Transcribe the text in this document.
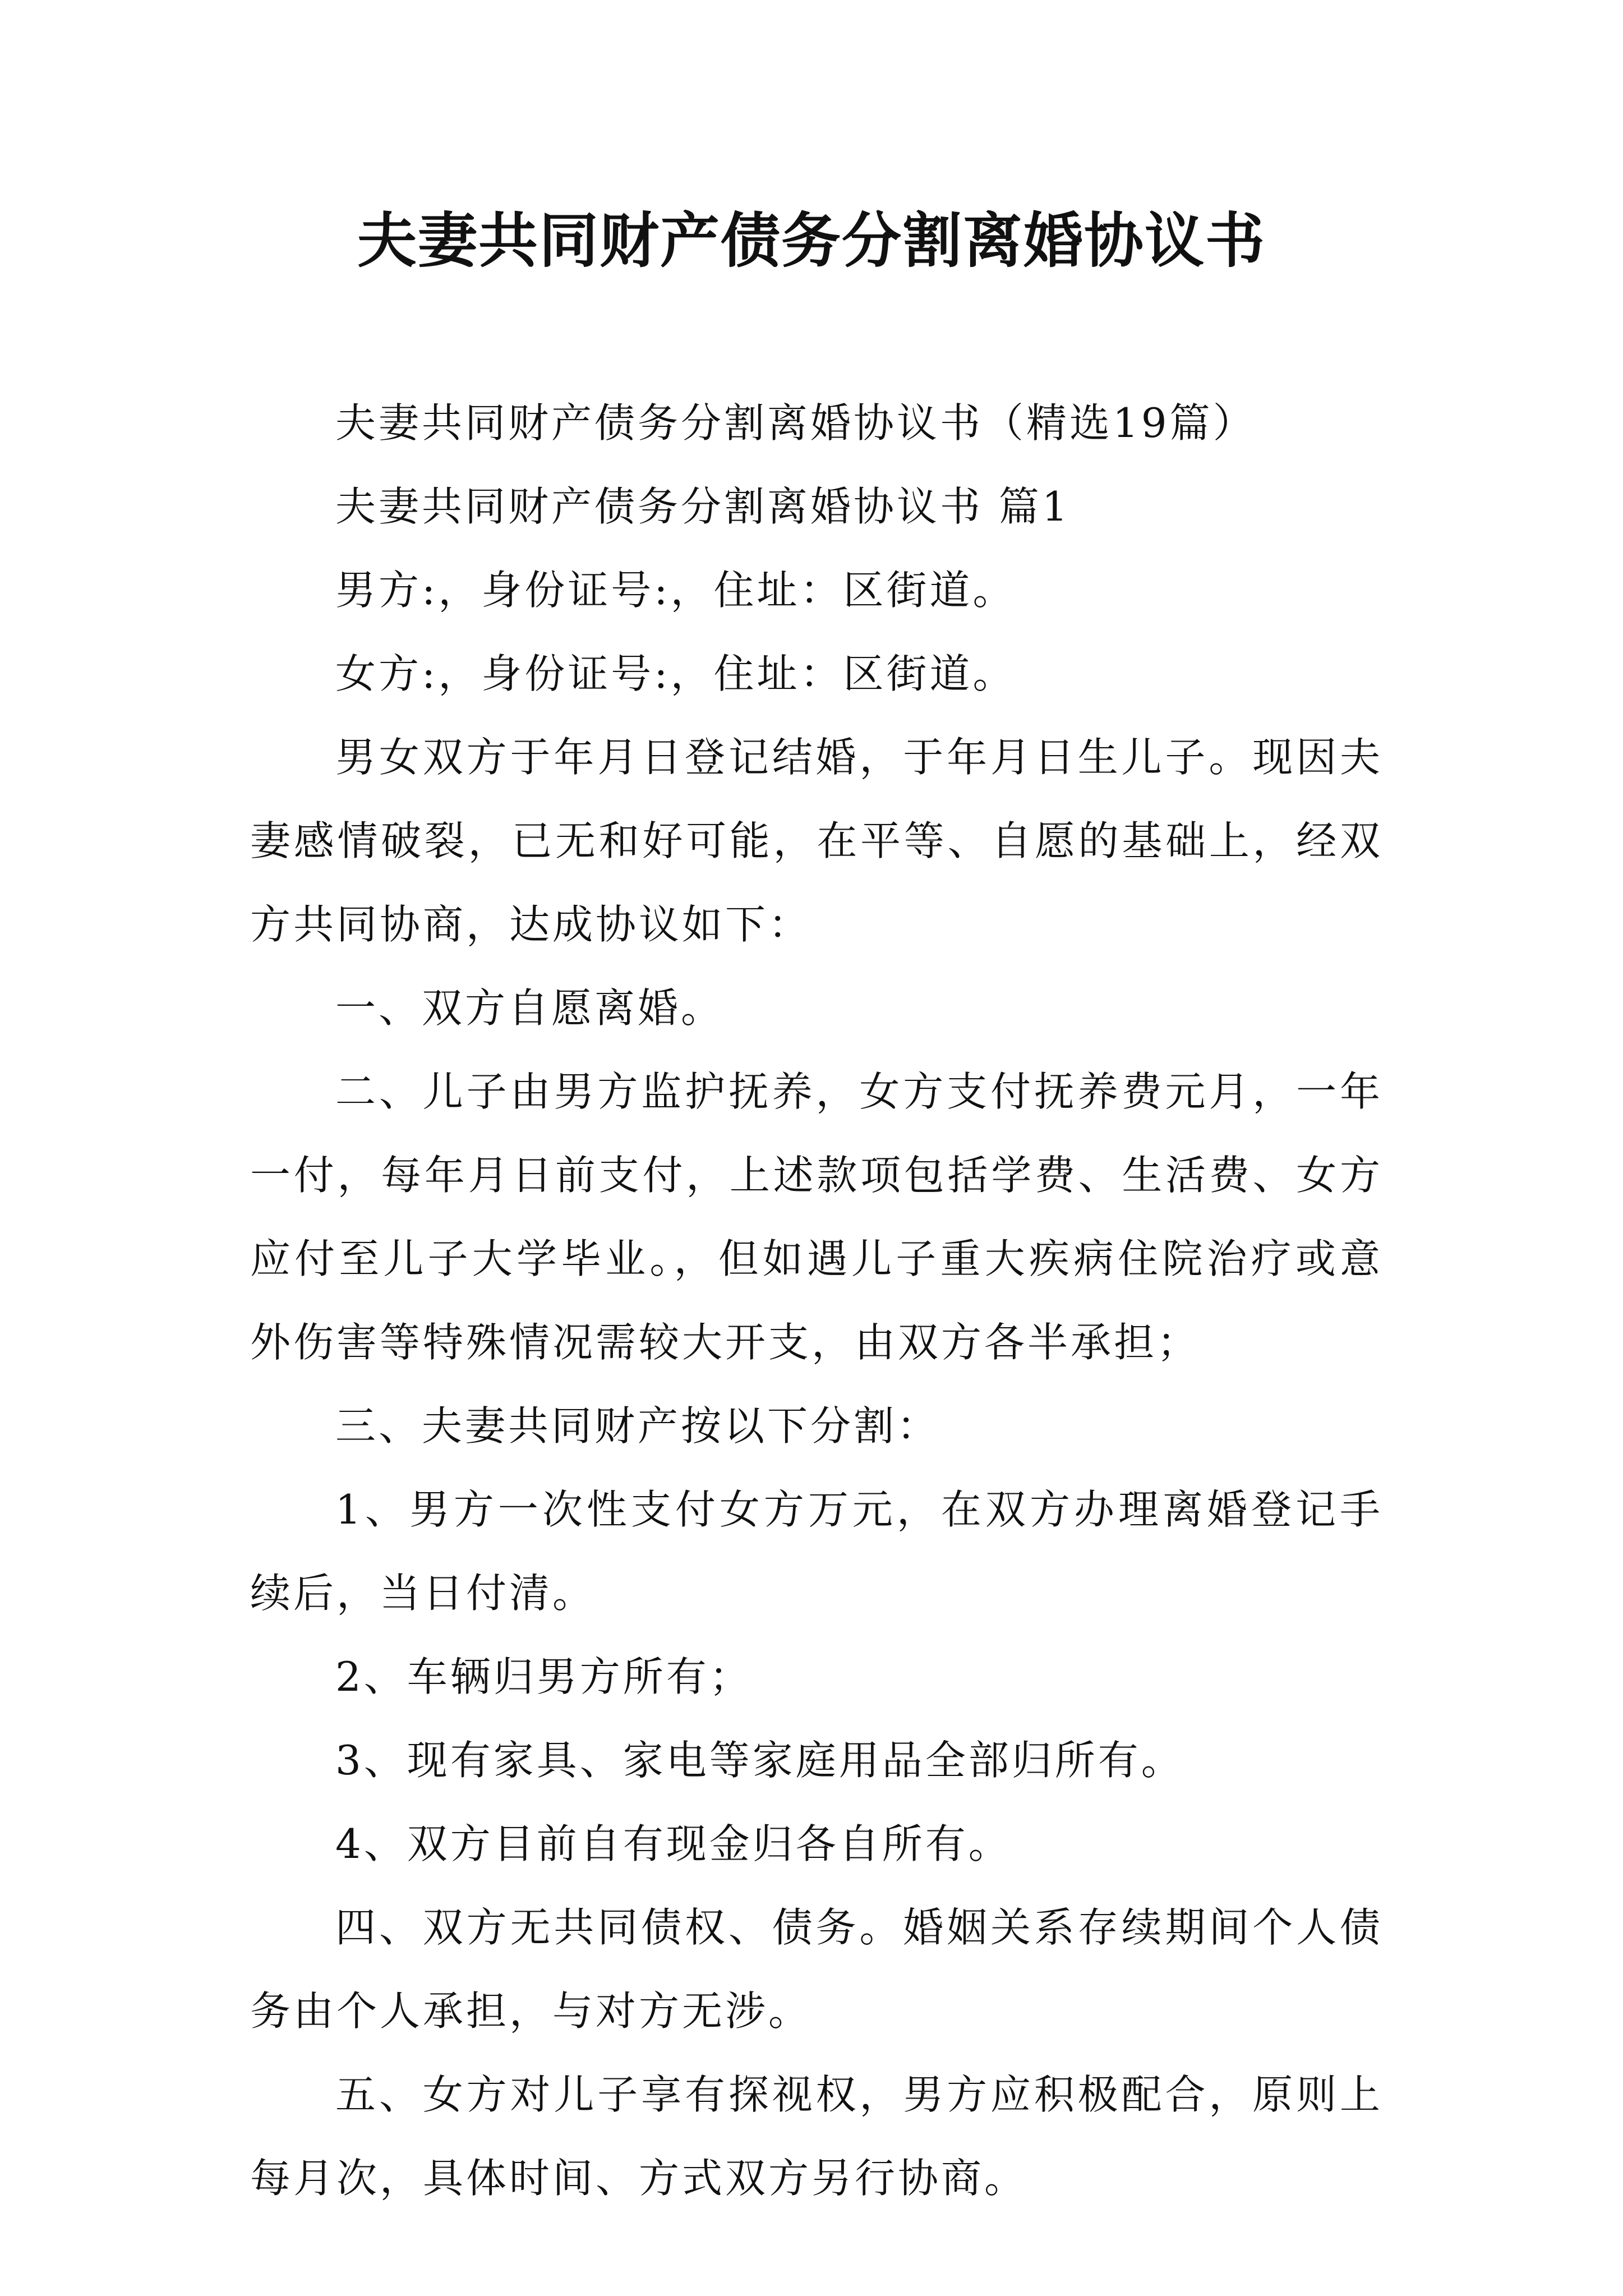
夫妻共同财产债务分割离婚协议书

夫妻共同财产债务分割离婚协议书（精选19篇）

夫妻共同财产债务分割离婚协议书 篇1

男方:，身份证号:，住址：区街道。

女方:，身份证号:，住址：区街道。

男女双方于年月日登记结婚，于年月日生儿子。现因夫妻感情破裂，已无和好可能，在平等、自愿的基础上，经双方共同协商，达成协议如下：

一、双方自愿离婚。

二、儿子由男方监护抚养，女方支付抚养费元月，一年一付，每年月日前支付，上述款项包括学费、生活费、女方应付至儿子大学毕业。，但如遇儿子重大疾病住院治疗或意外伤害等特殊情况需较大开支，由双方各半承担；

三、夫妻共同财产按以下分割：

1、男方一次性支付女方万元，在双方办理离婚登记手续后，当日付清。

2、车辆归男方所有；

3、现有家具、家电等家庭用品全部归所有。

4、双方目前自有现金归各自所有。

四、双方无共同债权、债务。婚姻关系存续期间个人债务由个人承担，与对方无涉。

五、女方对儿子享有探视权，男方应积极配合，原则上每月次，具体时间、方式双方另行协商。
